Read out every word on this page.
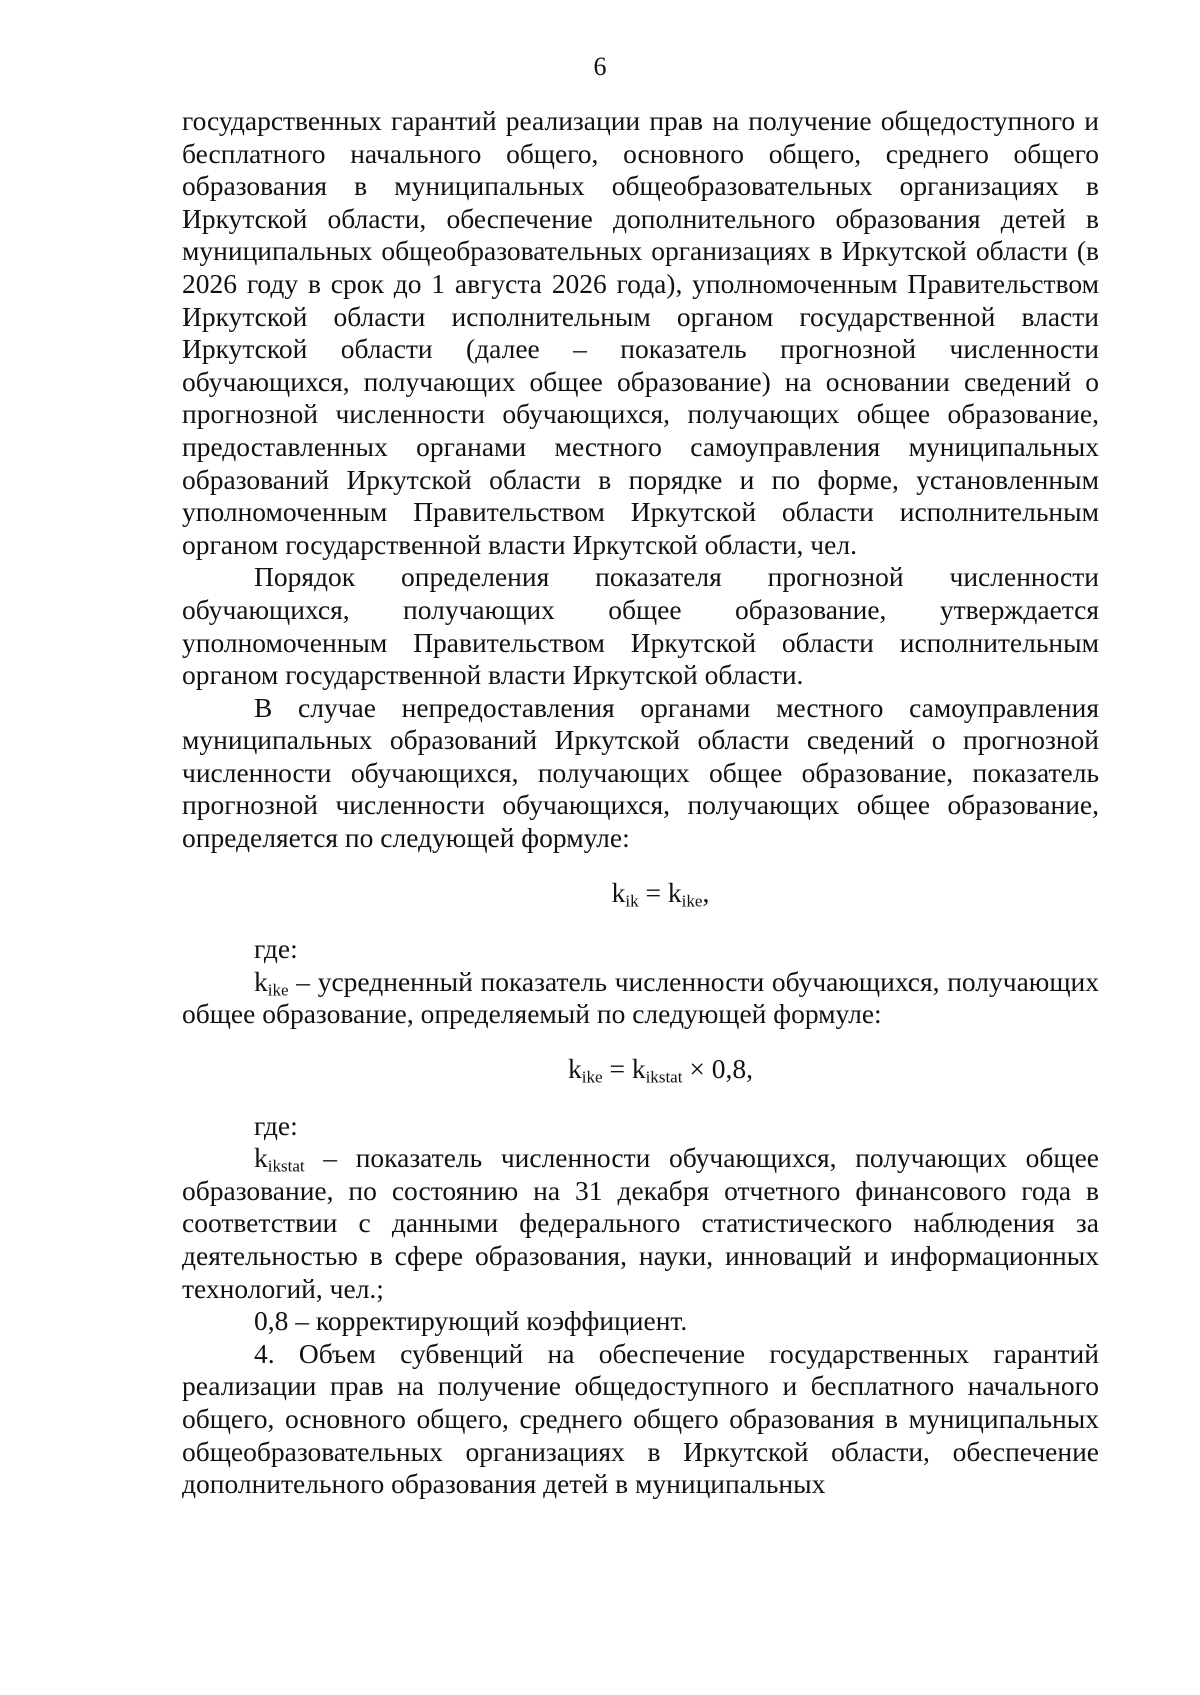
6

государственных гарантий реализации прав на получение общедоступного и бесплатного начального общего, основного общего, среднего общего образования в муниципальных общеобразовательных организациях в Иркутской области, обеспечение дополнительного образования детей в муниципальных общеобразовательных организациях в Иркутской области (в 2026 году в срок до 1 августа 2026 года), уполномоченным Правительством Иркутской области исполнительным органом государственной власти Иркутской области (далее – показатель прогнозной численности обучающихся, получающих общее образование) на основании сведений о прогнозной численности обучающихся, получающих общее образование, предоставленных органами местного самоуправления муниципальных образований Иркутской области в порядке и по форме, установленным уполномоченным Правительством Иркутской области исполнительным органом государственной власти Иркутской области, чел.

Порядок определения показателя прогнозной численности обучающихся, получающих общее образование, утверждается уполномоченным Правительством Иркутской области исполнительным органом государственной власти Иркутской области.

В случае непредоставления органами местного самоуправления муниципальных образований Иркутской области сведений о прогнозной численности обучающихся, получающих общее образование, показатель прогнозной численности обучающихся, получающих общее образование, определяется по следующей формуле:

$k_{ik} = k_{ike}$,

где:

$k_{ike}$ – усредненный показатель численности обучающихся, получающих общее образование, определяемый по следующей формуле:

$k_{ike} = k_{ikstat} \times 0,8$,

где:

$k_{ikstat}$ – показатель численности обучающихся, получающих общее образование, по состоянию на 31 декабря отчетного финансового года в соответствии с данными федерального статистического наблюдения за деятельностью в сфере образования, науки, инноваций и информационных технологий, чел.;

0,8 – корректирующий коэффициент.

4. Объем субвенций на обеспечение государственных гарантий реализации прав на получение общедоступного и бесплатного начального общего, основного общего, среднего общего образования в муниципальных общеобразовательных организациях в Иркутской области, обеспечение дополнительного образования детей в муниципальных
